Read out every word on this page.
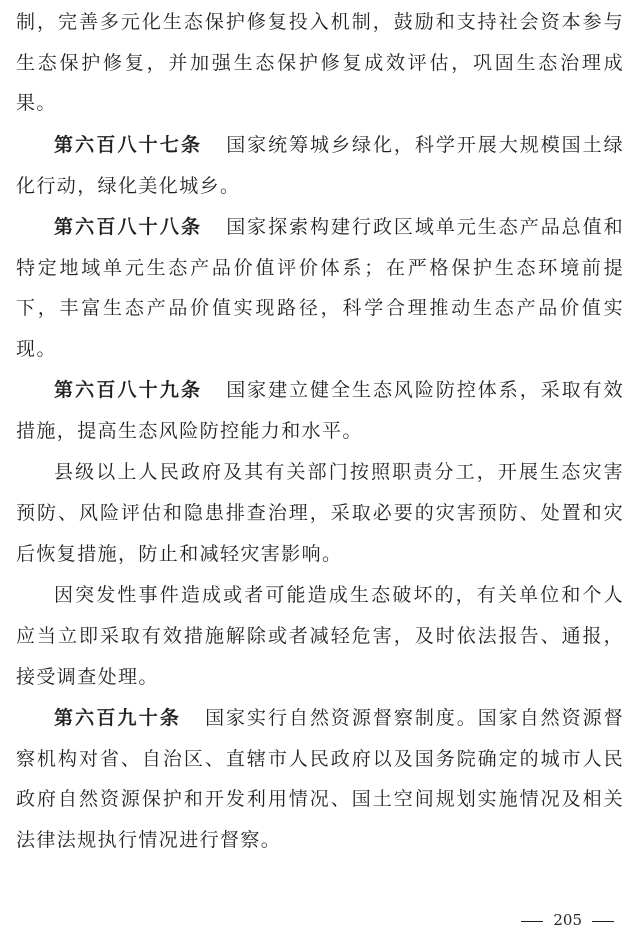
制，完善多元化生态保护修复投入机制，鼓励和支持社会资本参与生态保护修复，并加强生态保护修复成效评估，巩固生态治理成果。

第六百八十七条 国家统筹城乡绿化，科学开展大规模国土绿化行动，绿化美化城乡。

第六百八十八条 国家探索构建行政区域单元生态产品总值和特定地域单元生态产品价值评价体系；在严格保护生态环境前提下，丰富生态产品价值实现路径，科学合理推动生态产品价值实现。

第六百八十九条 国家建立健全生态风险防控体系，采取有效措施，提高生态风险防控能力和水平。

县级以上人民政府及其有关部门按照职责分工，开展生态灾害预防、风险评估和隐患排查治理，采取必要的灾害预防、处置和灾后恢复措施，防止和减轻灾害影响。

因突发性事件造成或者可能造成生态破坏的，有关单位和个人应当立即采取有效措施解除或者减轻危害，及时依法报告、通报，接受调查处理。

第六百九十条 国家实行自然资源督察制度。国家自然资源督察机构对省、自治区、直辖市人民政府以及国务院确定的城市人民政府自然资源保护和开发利用情况、国土空间规划实施情况及相关法律法规执行情况进行督察。

205
